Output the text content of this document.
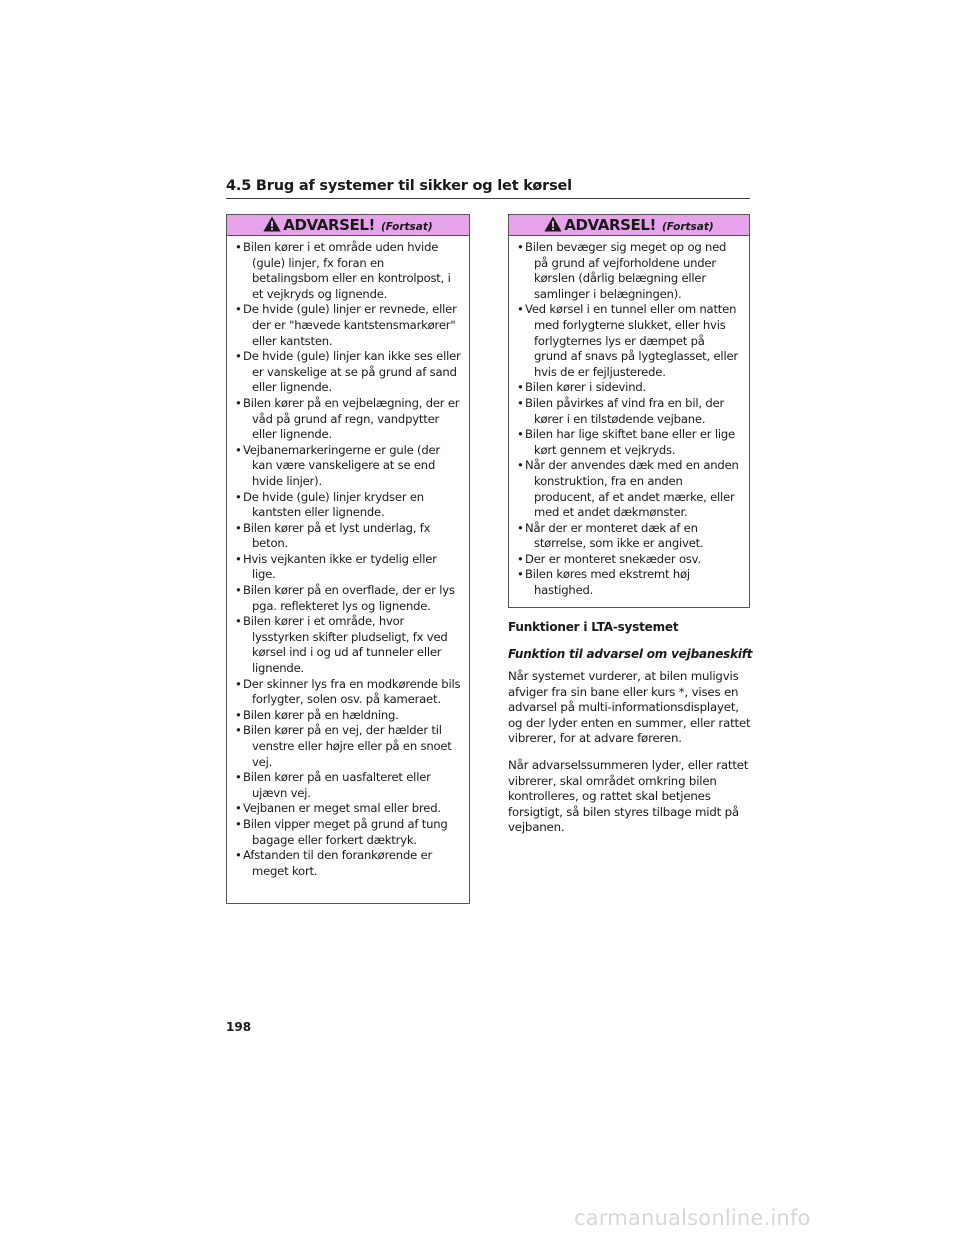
4.5 Brug af systemer til sikker og let kørsel
ADVARSEL! (Fortsat)
•Bilen kører i et område uden hvide (gule) linjer, fx foran en betalingsbom eller en kontrolpost, i et vejkryds og lignende.
•De hvide (gule) linjer er revnede, eller der er "hævede kantstensmarkører" eller kantsten.
•De hvide (gule) linjer kan ikke ses eller er vanskelige at se på grund af sand eller lignende.
•Bilen kører på en vejbelægning, der er våd på grund af regn, vandpytter eller lignende.
•Vejbanemarkeringerne er gule (der kan være vanskeligere at se end hvide linjer).
•De hvide (gule) linjer krydser en kantsten eller lignende.
•Bilen kører på et lyst underlag, fx beton.
•Hvis vejkanten ikke er tydelig eller lige.
•Bilen kører på en overflade, der er lys pga. reflekteret lys og lignende.
•Bilen kører i et område, hvor lysstyrken skifter pludseligt, fx ved kørsel ind i og ud af tunneler eller lignende.
•Der skinner lys fra en modkørende bils forlygter, solen osv. på kameraet.
•Bilen kører på en hældning.
•Bilen kører på en vej, der hælder til venstre eller højre eller på en snoet vej.
•Bilen kører på en uasfalteret eller ujævn vej.
•Vejbanen er meget smal eller bred.
•Bilen vipper meget på grund af tung bagage eller forkert dæktryk.
•Afstanden til den forankørende er meget kort.
ADVARSEL! (Fortsat)
•Bilen bevæger sig meget op og ned på grund af vejforholdene under kørslen (dårlig belægning eller samlinger i belægningen).
•Ved kørsel i en tunnel eller om natten med forlygterne slukket, eller hvis forlygternes lys er dæmpet på grund af snavs på lygteglasset, eller hvis de er fejljusterede.
•Bilen kører i sidevind.
•Bilen påvirkes af vind fra en bil, der kører i en tilstødende vejbane.
•Bilen har lige skiftet bane eller er lige kørt gennem et vejkryds.
•Når der anvendes dæk med en anden konstruktion, fra en anden producent, af et andet mærke, eller med et andet dækmønster.
•Når der er monteret dæk af en størrelse, som ikke er angivet.
•Der er monteret snekæder osv.
•Bilen køres med ekstremt høj hastighed.
Funktioner i LTA-systemet
Funktion til advarsel om vejbaneskift

Når systemet vurderer, at bilen muligvis afviger fra sin bane eller kurs *, vises en advarsel på multi-informationsdisplayet, og der lyder enten en summer, eller rattet vibrerer, for at advare føreren.

Når advarselssummeren lyder, eller rattet vibrerer, skal området omkring bilen kontrolleres, og rattet skal betjenes forsigtigt, så bilen styres tilbage midt på vejbanen.

198
carmanualsonline.info
